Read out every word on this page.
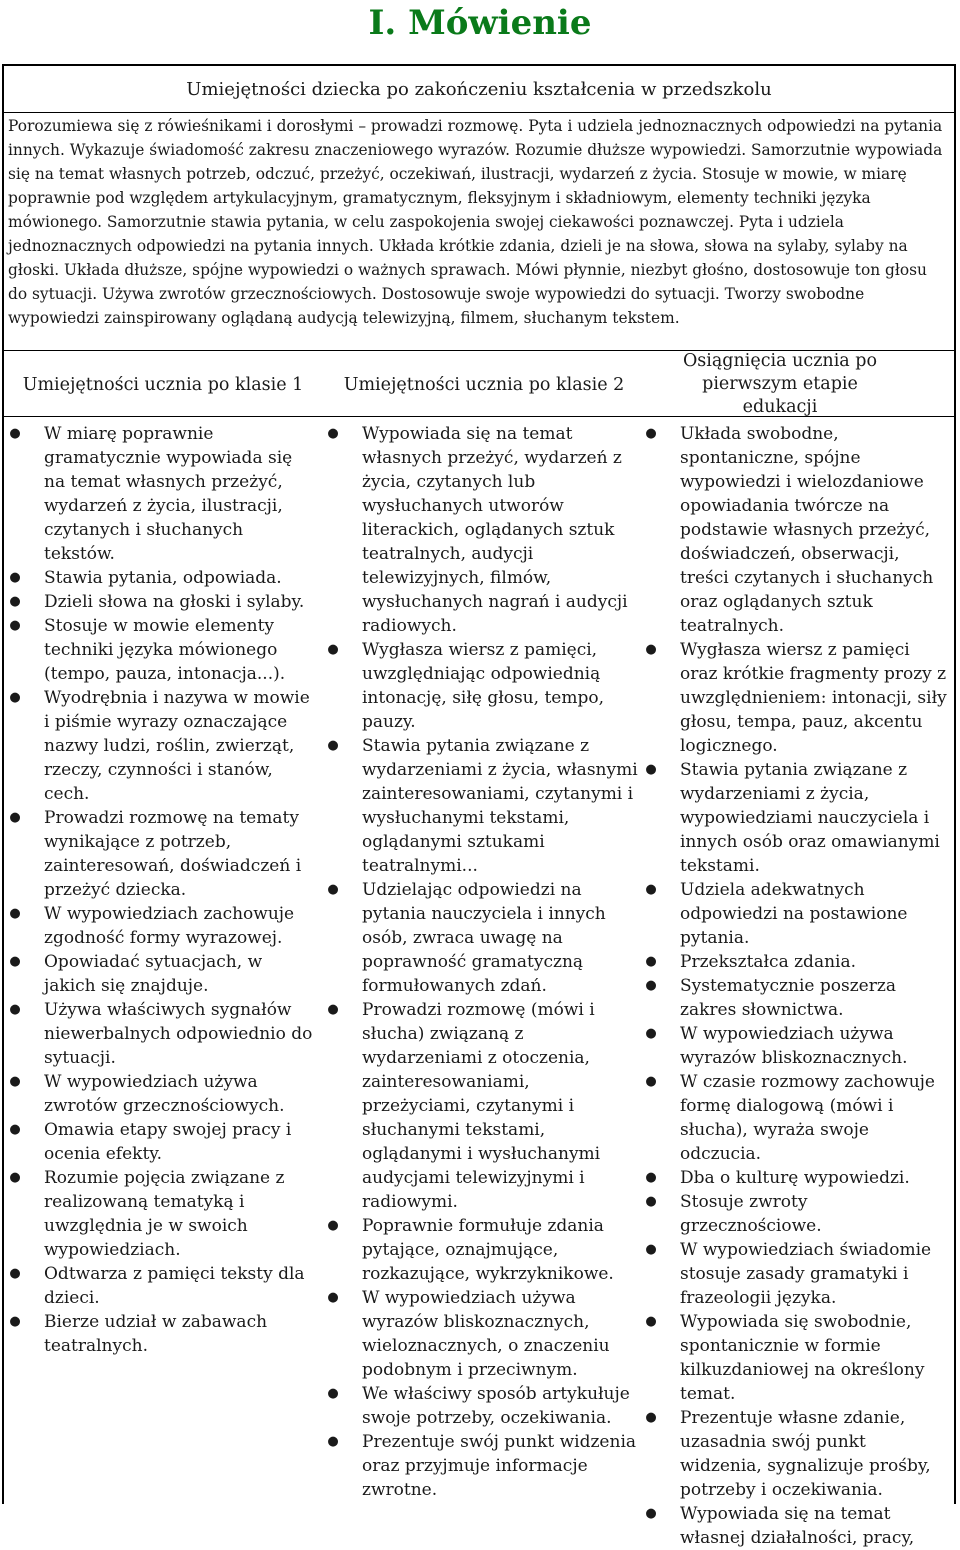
I. Mówienie
Umiejętności dziecka po zakończeniu kształcenia w przedszkolu
Porozumiewa się z rówieśnikami i dorosłymi – prowadzi rozmowę. Pyta i udziela jednoznacznych odpowiedzi na pytania innych. Wykazuje świadomość zakresu znaczeniowego wyrazów. Rozumie dłuższe wypowiedzi. Samorzutnie wypowiada się na temat własnych potrzeb, odczuć, przeżyć, oczekiwań, ilustracji, wydarzeń z życia. Stosuje w mowie, w miarę poprawnie pod względem artykulacyjnym, gramatycznym, fleksyjnym i składniowym, elementy techniki języka mówionego. Samorzutnie stawia pytania, w celu zaspokojenia swojej ciekawości poznawczej. Pyta i udziela jednoznacznych odpowiedzi na pytania innych. Układa krótkie zdania, dzieli je na słowa, słowa na sylaby, sylaby na głoski. Układa dłuższe, spójne wypowiedzi o ważnych sprawach. Mówi płynnie, niezbyt głośno, dostosowuje ton głosu do sytuacji. Używa zwrotów grzecznościowych. Dostosowuje swoje wypowiedzi do sytuacji. Tworzy swobodne wypowiedzi zainspirowany oglądaną audycją telewizyjną, filmem, słuchanym tekstem.
Umiejętności ucznia po klasie 1	Umiejętności ucznia po klasie 2
Osiągnięcia ucznia po pierwszym etapie edukacji
● W miarę poprawnie gramatycznie wypowiada się na temat własnych przeżyć, wydarzeń z życia, ilustracji, czytanych i słuchanych tekstów.
● Stawia pytania, odpowiada.
● Dzieli słowa na głoski i sylaby.
● Stosuje w mowie elementy techniki języka mówionego (tempo, pauza, intonacja...).
● Wyodrębnia i nazywa w mowie i piśmie wyrazy oznaczające nazwy ludzi, roślin, zwierząt, rzeczy, czynności i stanów, cech.
● Prowadzi rozmowę na tematy wynikające z potrzeb, zainteresowań, doświadczeń i przeżyć dziecka.
● W wypowiedziach zachowuje zgodność formy wyrazowej.
● Opowiadać sytuacjach, w jakich się znajduje.
● Używa właściwych sygnałów niewerbalnych odpowiednio do sytuacji.
● W wypowiedziach używa zwrotów grzecznościowych.
● Omawia etapy swojej pracy i ocenia efekty.
● Rozumie pojęcia związane z realizowaną tematyką i uwzględnia je w swoich wypowiedziach.
● Odtwarza z pamięci teksty dla dzieci.
● Bierze udział w zabawach teatralnych.
● Wypowiada się na temat własnych przeżyć, wydarzeń z życia, czytanych lub wysłuchanych utworów literackich, oglądanych sztuk teatralnych, audycji telewizyjnych, filmów, wysłuchanych nagrań i audycji radiowych.
● Wygłasza wiersz z pamięci, uwzględniając odpowiednią intonację, siłę głosu, tempo, pauzy.
● Stawia pytania związane z wydarzeniami z życia, własnymi zainteresowaniami, czytanymi i wysłuchanymi tekstami, oglądanymi sztukami teatralnymi...
● Udzielając odpowiedzi na pytania nauczyciela i innych osób, zwraca uwagę na poprawność gramatyczną formułowanych zdań.
● Prowadzi rozmowę (mówi i słucha) związaną z wydarzeniami z otoczenia, zainteresowaniami, przeżyciami, czytanymi i słuchanymi tekstami, oglądanymi i wysłuchanymi audycjami telewizyjnymi i radiowymi.
● Poprawnie formułuje zdania pytające, oznajmujące, rozkazujące, wykrzyknikowe.
● W wypowiedziach używa wyrazów bliskoznacznych, wieloznacznych, o znaczeniu podobnym i przeciwnym.
● We właściwy sposób artykułuje swoje potrzeby, oczekiwania.
● Prezentuje swój punkt widzenia oraz przyjmuje informacje zwrotne.
● Układa swobodne, spontaniczne, spójne wypowiedzi i wielozdaniowe opowiadania twórcze na podstawie własnych przeżyć, doświadczeń, obserwacji, treści czytanych i słuchanych oraz oglądanych sztuk teatralnych.
● Wygłasza wiersz z pamięci oraz krótkie fragmenty prozy z uwzględnieniem: intonacji, siły głosu, tempa, pauz, akcentu logicznego.
● Stawia pytania związane z wydarzeniami z życia, wypowiedziami nauczyciela i innych osób oraz omawianymi tekstami.
● Udziela adekwatnych odpowiedzi na postawione pytania.
● Przekształca zdania.
● Systematycznie poszerza zakres słownictwa.
● W wypowiedziach używa wyrazów bliskoznacznych.
● W czasie rozmowy zachowuje formę dialogową (mówi i słucha), wyraża swoje odczucia.
● Dba o kulturę wypowiedzi.
● Stosuje zwroty grzecznościowe.
● W wypowiedziach świadomie stosuje zasady gramatyki i frazeologii języka.
● Wypowiada się swobodnie, spontanicznie w formie kilkuzdaniowej na określony temat.
● Prezentuje własne zdanie, uzasadnia swój punkt widzenia, sygnalizuje prośby, potrzeby i oczekiwania.
● Wypowiada się na temat własnej działalności, pracy,
